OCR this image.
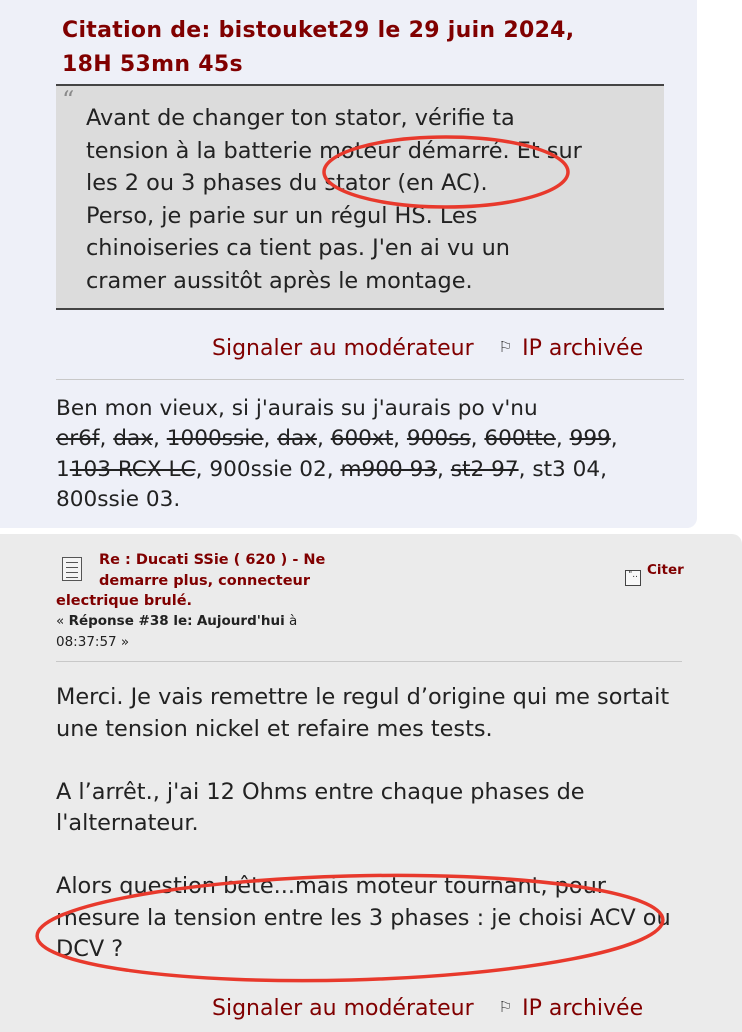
Citation de: bistouket29 le 29 juin 2024,
18H 53mn 45s
“
Avant de changer ton stator, vérifie ta
tension à la batterie moteur démarré. Et sur
les 2 ou 3 phases du stator (en AC).
Perso, je parie sur un régul HS. Les
chinoiseries ca tient pas. J'en ai vu un
cramer aussitôt après le montage.
Signaler au modérateur ⚐ IP archivée
Ben mon vieux, si j'aurais su j'aurais po v'nu
er6f, dax, 1000ssie, dax, 600xt, 900ss, 600tte, 999,
1103 RCX LC, 900ssie 02, m900 93, st2 97, st3 04,
800ssie 03.
Re : Ducati SSie ( 620 ) - Ne
demarre plus, connecteur
electrique brulé.
« Réponse #38 le: Aujourd'hui à
08:37:57 »
".. Citer

Merci. Je vais remettre le regul d’origine qui me sortait une tension nickel et refaire mes tests.

A l’arrêt., j'ai 12 Ohms entre chaque phases de l'alternateur.

Alors question bête...mais moteur tournant, pour mesure la tension entre les 3 phases : je choisi ACV ou DCV ?

Signaler au modérateur ⚐ IP archivée
